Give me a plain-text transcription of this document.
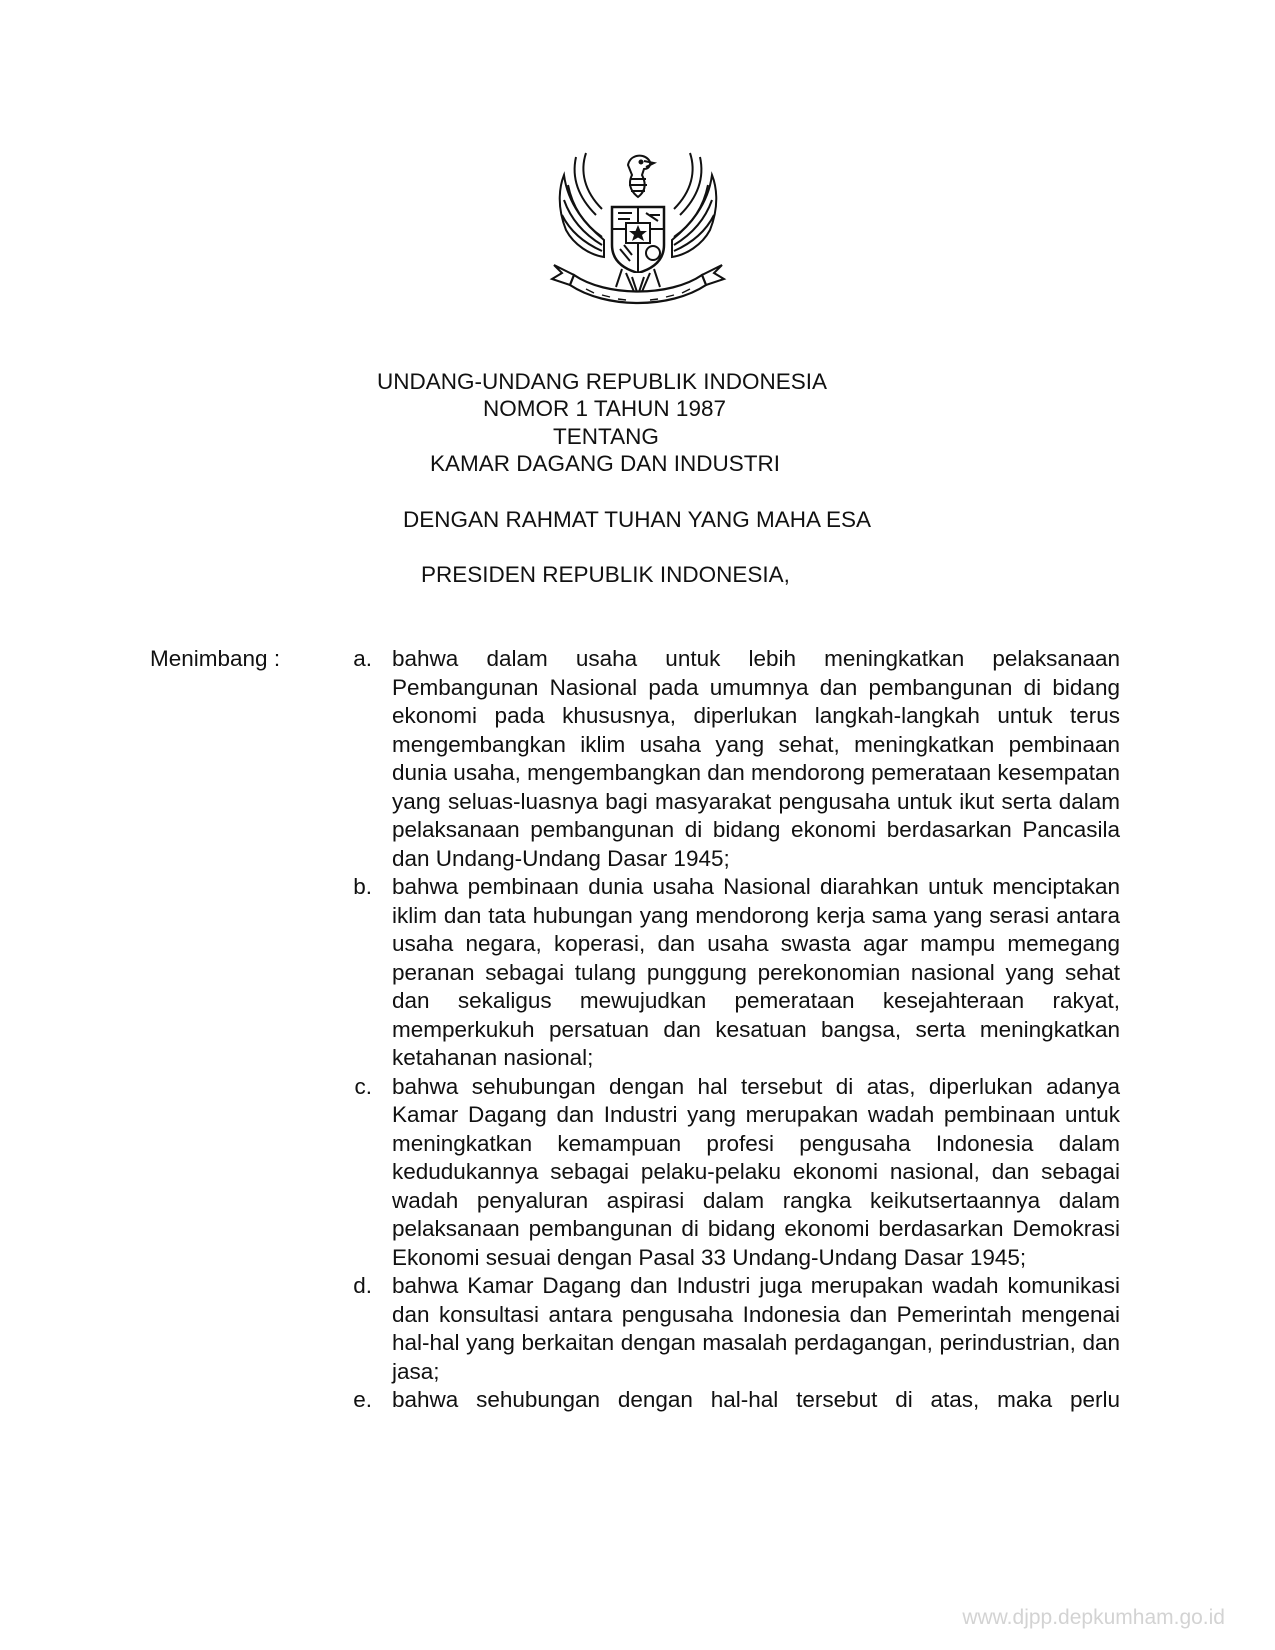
UNDANG-UNDANG REPUBLIK INDONESIA
NOMOR 1 TAHUN 1987
TENTANG
KAMAR DAGANG DAN INDUSTRI
DENGAN RAHMAT TUHAN YANG MAHA ESA
PRESIDEN REPUBLIK INDONESIA,
Menimbang :	a. bahwa dalam usaha untuk lebih meningkatkan pelaksanaan Pembangunan Nasional pada umumnya dan pembangunan di bidang ekonomi pada khususnya, diperlukan langkah-langkah untuk terus mengembangkan iklim usaha yang sehat, meningkatkan pembinaan dunia usaha, mengembangkan dan mendorong pemerataan kesempatan yang seluas-luasnya bagi masyarakat pengusaha untuk ikut serta dalam pelaksanaan pembangunan di bidang ekonomi berdasarkan Pancasila dan Undang-Undang Dasar 1945;
b. bahwa pembinaan dunia usaha Nasional diarahkan untuk menciptakan iklim dan tata hubungan yang mendorong kerja sama yang serasi antara usaha negara, koperasi, dan usaha swasta agar mampu memegang peranan sebagai tulang punggung perekonomian nasional yang sehat dan sekaligus mewujudkan pemerataan kesejahteraan rakyat, memperkukuh persatuan dan kesatuan bangsa, serta meningkatkan ketahanan nasional;
c. bahwa sehubungan dengan hal tersebut di atas, diperlukan adanya Kamar Dagang dan Industri yang merupakan wadah pembinaan untuk meningkatkan kemampuan profesi pengusaha Indonesia dalam kedudukannya sebagai pelaku-pelaku ekonomi nasional, dan sebagai wadah penyaluran aspirasi dalam rangka keikutsertaannya dalam pelaksanaan pembangunan di bidang ekonomi berdasarkan Demokrasi Ekonomi sesuai dengan Pasal 33 Undang-Undang Dasar 1945;
d. bahwa Kamar Dagang dan Industri juga merupakan wadah komunikasi dan konsultasi antara pengusaha Indonesia dan Pemerintah mengenai hal-hal yang berkaitan dengan masalah perdagangan, perindustrian, dan jasa;
e. bahwa sehubungan dengan hal-hal tersebut di atas, maka perlu
www.djpp.depkumham.go.id
